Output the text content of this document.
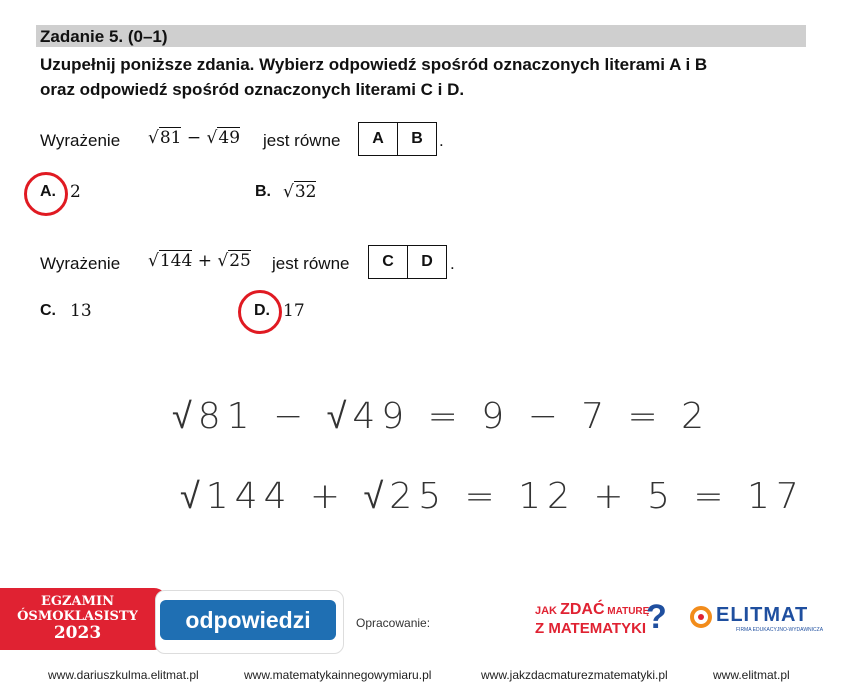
Zadanie 5. (0–1)
Uzupełnij poniższe zdania. Wybierz odpowiedź spośród oznaczonych literami A i B
oraz odpowiedź spośród oznaczonych literami C i D.
Wyrażenie √81 − √49 jest równe	A	B .
A. 2	B. √32
Wyrażenie √144 + √25 jest równe	C	D	.
C. 13	D. 17
√81 − √49 = 9 − 7 = 2
√144 + √25 = 12 + 5 = 17
EGZAMIN
ÓSMOKLASISTY
2023
odpowiedzi	Opracowanie:
JAK ZDAĆ MATURĘ
Z MATEMATYKI ? ELITMAT
FIRMA EDUKACYJNO-WYDAWNICZA
www.dariuszkulma.elitmat.pl	www.matematykainnegowymiaru.pl	www.jakzdacmaturezmatematyki.pl	www.elitmat.pl
